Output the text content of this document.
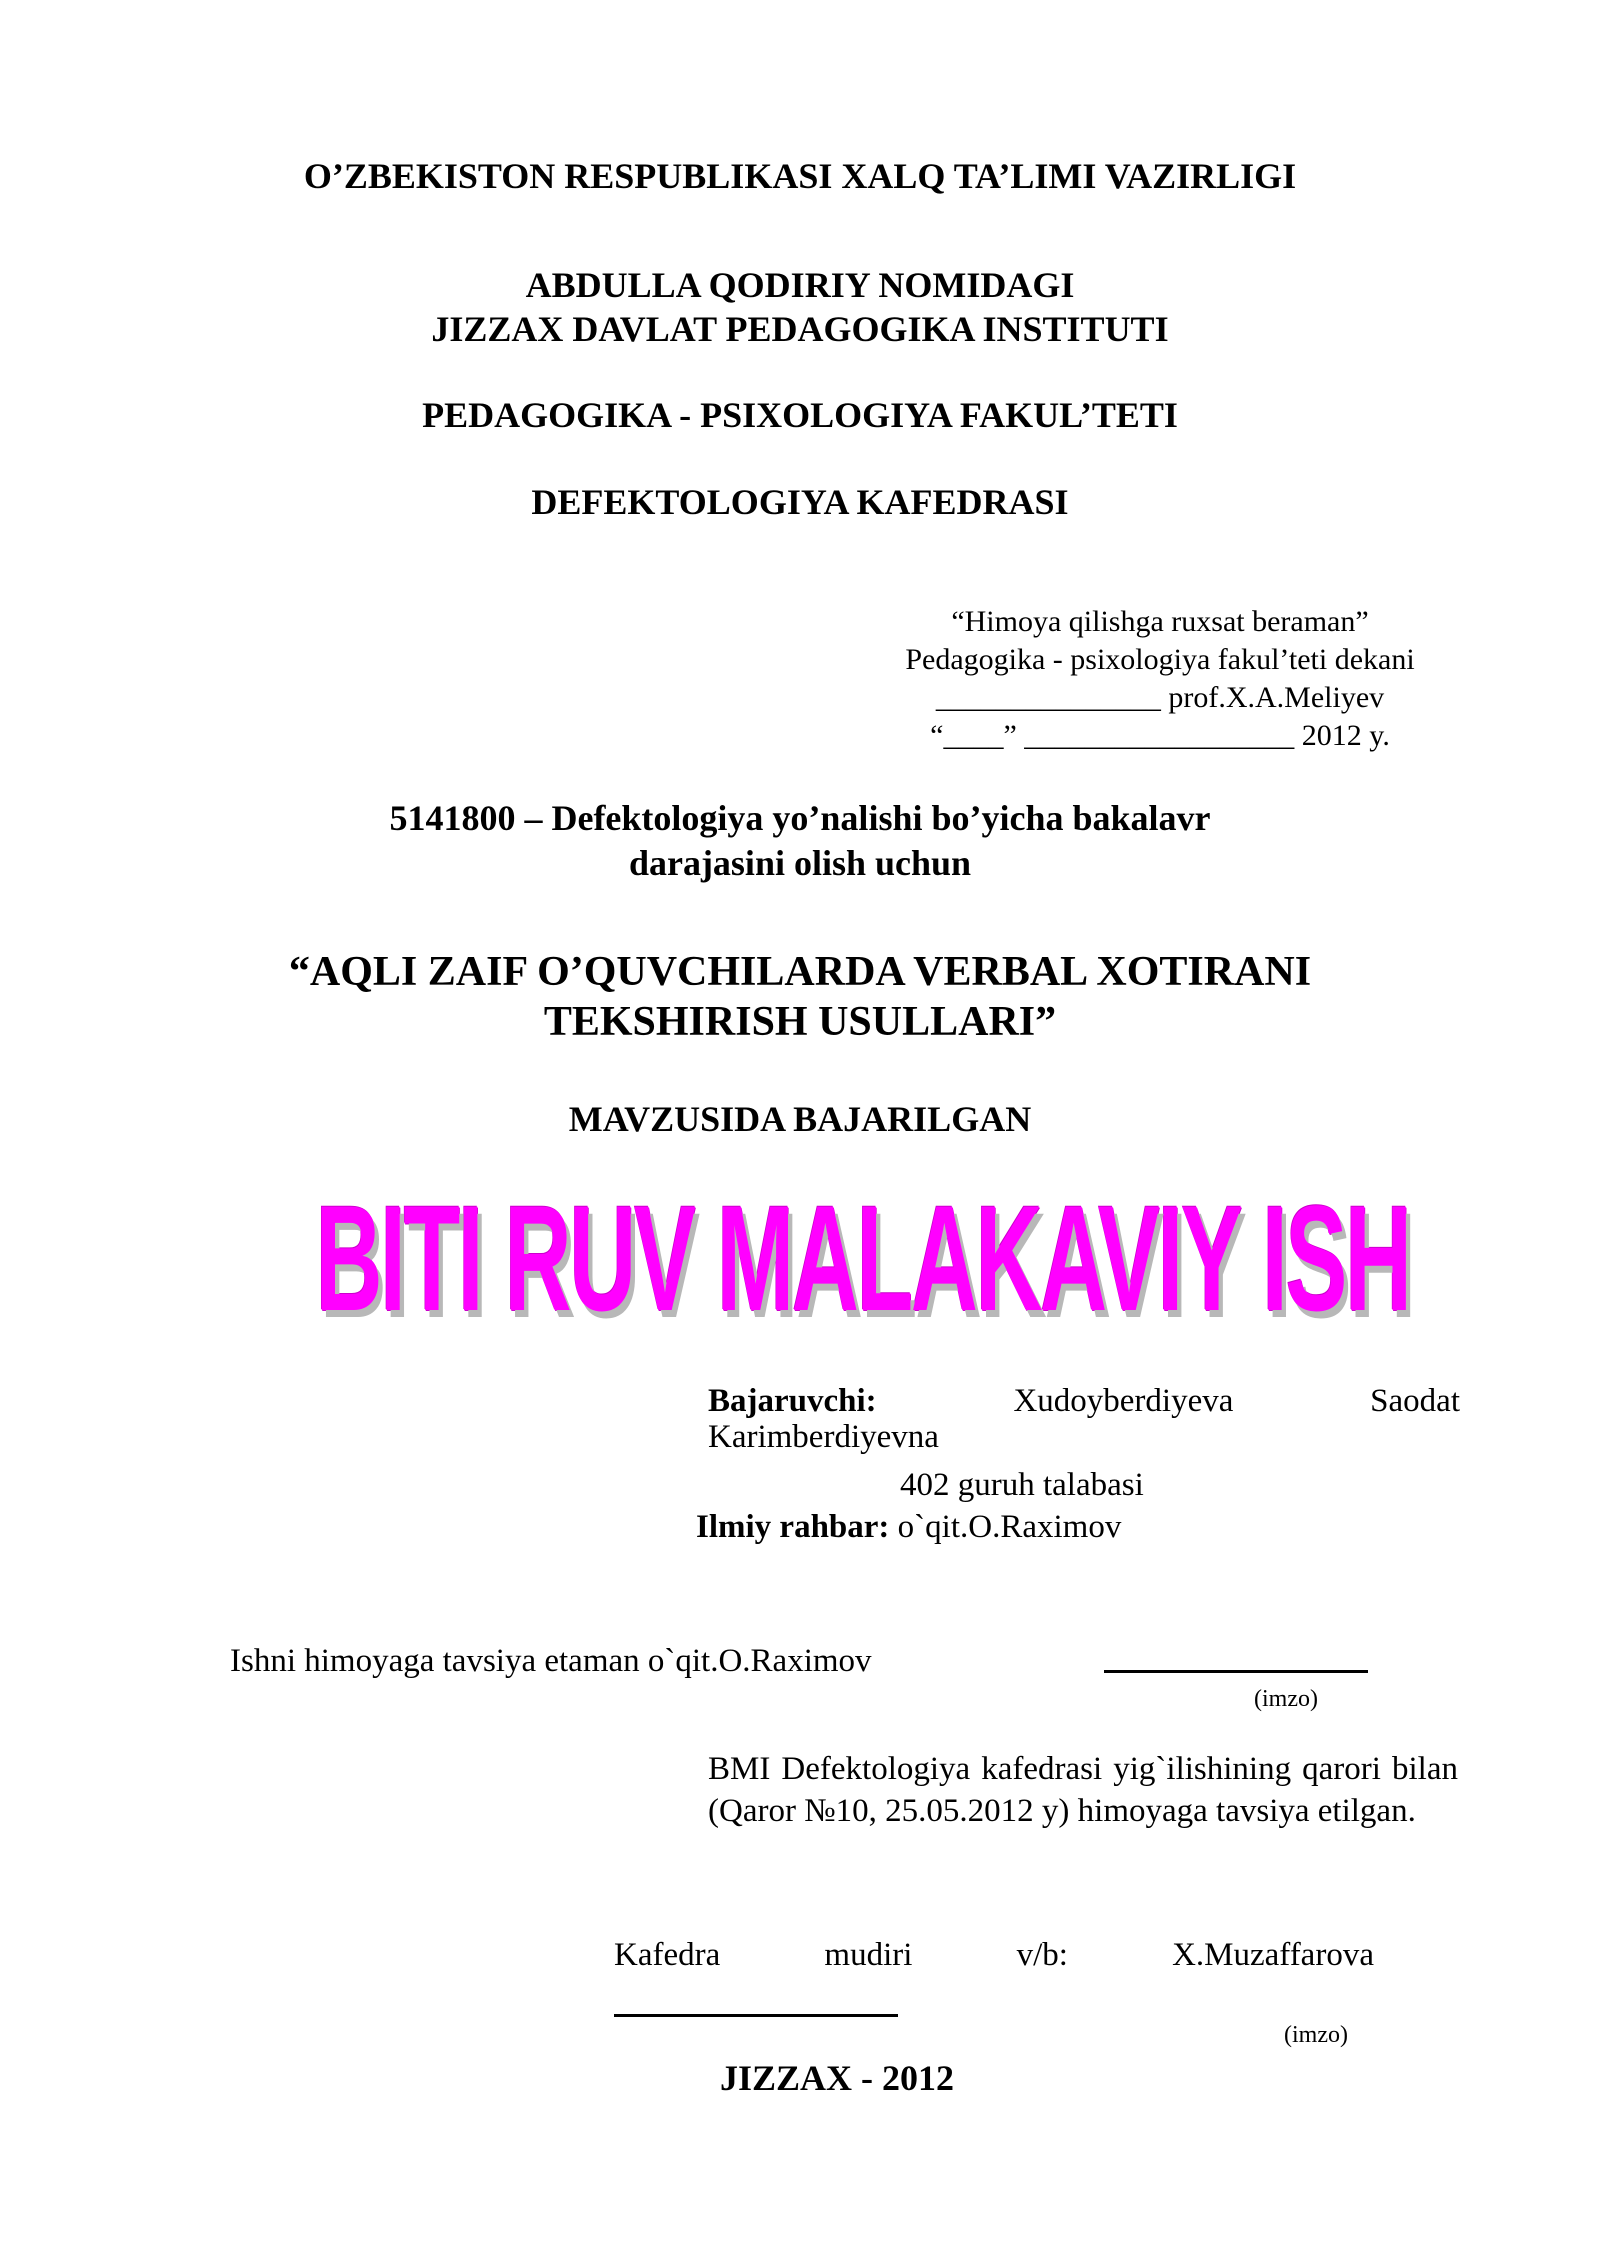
O’ZBEKISTON RESPUBLIKASI XALQ TA’LIMI VAZIRLIGI
ABDULLA QODIRIY NOMIDAGI
JIZZAX DAVLAT PEDAGOGIKA INSTITUTI
PEDAGOGIKA - PSIXOLOGIYA FAKUL’TETI
DEFEKTOLOGIYA KAFEDRASI
“Himoya qilishga ruxsat beraman”
Pedagogika - psixologiya fakul’teti dekani
_______________ prof.X.A.Meliyev
“____” __________________ 2012 y.
5141800 – Defektologiya yo’nalishi bo’yicha bakalavr
darajasini olish uchun
“AQLI ZAIF O’QUVCHILARDA VERBAL XOTIRANI
TEKSHIRISH USULLARI”
MAVZUSIDA BAJARILGAN
BITI RUV MALAKAVIY ISH
Bajaruvchi:	Xudoyberdiyeva	Saodat
Karimberdiyevna
402 guruh talabasi
Ilmiy rahbar: o`qit.O.Raximov
Ishni himoyaga tavsiya etaman o`qit.O.Raximov
(imzo)
BMI Defektologiya kafedrasi yig`ilishining qarori bilan (Qaror №10, 25.05.2012 y) himoyaga tavsiya etilgan.
Kafedra	mudiri	v/b:	X.Muzaffarova
(imzo)
JIZZAX - 2012
